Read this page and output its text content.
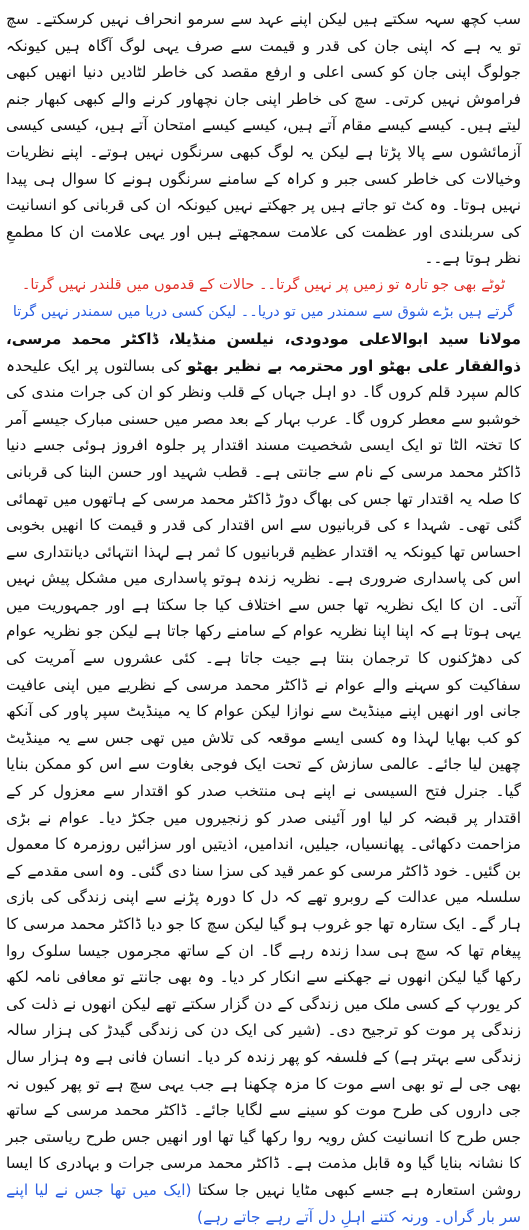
سب کچھ سہہ سکتے ہیں لیکن اپنے عہد سے سرمو انحراف نہیں کرسکتے۔ سچ تو یہ ہے کہ اپنی جان کی قدر و قیمت سے صرف یہی لوگ آگاہ ہیں کیونکہ جولوگ اپنی جان کو کسی اعلی و ارفع مقصد کی خاطر لٹادیں دنیا انھیں کبھی فراموش نہیں کرتی۔ سچ کی خاطر اپنی جان نچھاور کرنے والے کبھی کبھار جنم لیتے ہیں۔ کیسے کیسے مقام آتے ہیں، کیسے کیسے امتحان آتے ہیں، کیسی کیسی آزمائشوں سے پالا پڑتا ہے لیکن یہ لوگ کبھی سرنگوں نہیں ہوتے۔ اپنے نظریات وخیالات کی خاطر کسی جبر و کراہ کے سامنے سرنگوں ہونے کا سوال ہی پیدا نہیں ہوتا۔ وہ کٹ تو جاتے ہیں پر جھکتے نہیں کیونکہ ان کی قربانی کو انسانیت کی سربلندی اور عظمت کی علامت سمجھتے ہیں اور یہی علامت ان کا مطمعِ نظر ہوتا ہے۔۔

ٹوٹے بھی جو تارہ تو زمیں پر نہیں گرتا۔۔ حالات کے قدموں میں قلندر نہیں گرتا۔
گرتے ہیں بڑے شوق سے سمندر میں تو دریا۔۔ لیکن کسی دریا میں سمندر نہیں گرتا

مولانا سید ابوالاعلی مودودی، نیلسن منڈیلا، ڈاکٹر محمد مرسی، ذوالفقار علی بھٹو اور محترمہ بے نظیر بھٹو کی بسالتوں پر ایک علیحدہ کالم سپرد قلم کروں گا۔ دو اہل جہاں کے قلب ونظر کو ان کی جرات مندی کی خوشبو سے معطر کروں گا۔ عرب بہار کے بعد مصر میں حسنی مبارک جیسے آمر کا تختہ الٹا تو ایک ایسی شخصیت مسند اقتدار پر جلوہ افروز ہوئی جسے دنیا ڈاکٹر محمد مرسی کے نام سے جانتی ہے۔ قطب شہید اور حسن البنا کی قربانی کا صلہ یہ اقتدار تھا جس کی بھاگ دوڑ ڈاکٹر محمد مرسی کے ہاتھوں میں تھمائی گئی تھی۔ شہدا ء کی قربانیوں سے اس اقتدار کی قدر و قیمت کا انھیں بخوبی احساس تھا کیونکہ یہ اقتدار عظیم قربانیوں کا ثمر ہے لہذا انتہائی دیانتداری سے اس کی پاسداری ضروری ہے۔ نظریہ زندہ ہوتو پاسداری میں مشکل پیش نہیں آتی۔ ان کا ایک نظریہ تھا جس سے اختلاف کیا جا سکتا ہے اور جمہوریت میں یہی ہوتا ہے کہ اپنا اپنا نظریہ عوام کے سامنے رکھا جاتا ہے لیکن جو نظریہ عوام کی دھڑکنوں کا ترجمان بنتا ہے جیت جاتا ہے۔ کئی عشروں سے آمریت کی سفاکیت کو سہنے والے عوام نے ڈاکٹر محمد مرسی کے نظریے میں اپنی عافیت جانی اور انھیں اپنے مینڈیٹ سے نوازا لیکن عوام کا یہ مینڈیٹ سپر پاور کی آنکھ کو کب بھایا لہذا وہ کسی ایسے موقعہ کی تلاش میں تھی جس سے یہ مینڈیٹ چھین لیا جائے۔ عالمی سازش کے تحت ایک فوجی بغاوت سے اس کو ممکن بنایا گیا۔ جنرل فتح السیسی نے اپنے ہی منتخب صدر کو اقتدار سے معزول کر کے اقتدار پر قبضہ کر لیا اور آئینی صدر کو زنجیروں میں جکڑ دیا۔ عوام نے بڑی مزاحمت دکھائی۔ پھانسیاں، جیلیں، اندامیں، اذیتیں اور سزائیں روزمرہ کا معمول بن گئیں۔ خود ڈاکٹر مرسی کو عمر قید کی سزا سنا دی گئی۔ وہ اسی مقدمے کے سلسلہ میں عدالت کے روبرو تھے کہ دل کا دورہ پڑنے سے اپنی زندگی کی بازی ہار گے۔ ایک ستارہ تھا جو غروب ہو گیا لیکن سچ کا جو دیا ڈاکٹر محمد مرسی کا پیغام تھا کہ سچ ہی سدا زندہ رہے گا۔ ان کے ساتھ مجرموں جیسا سلوک روا رکھا گیا لیکن انھوں نے جھکنے سے انکار کر دیا۔ وہ بھی جانتے تو معافی نامہ لکھ کر یورپ کے کسی ملک میں زندگی کے دن گزار سکتے تھے لیکن انھوں نے ذلت کی زندگی پر موت کو ترجیح دی۔ (شیر کی ایک دن کی زندگی گیدڑ کی ہزار سالہ زندگی سے بہتر ہے) کے فلسفہ کو پھر زندہ کر دیا۔ انسان فانی ہے وہ ہزار سال بھی جی لے تو بھی اسے موت کا مزہ چکھنا ہے جب یہی سچ ہے تو پھر کیوں نہ جی داروں کی طرح موت کو سینے سے لگایا جائے۔ ڈاکٹر محمد مرسی کے ساتھ جس طرح کا انسانیت کش رویہ روا رکھا گیا تھا اور انھیں جس طرح ریاستی جبر کا نشانہ بنایا گیا وہ قابل مذمت ہے۔ ڈاکٹر محمد مرسی جرات و بہادری کا ایسا روشن استعارہ ہے جسے کبھی مٹایا نہیں جا سکتا (ایک میں تھا جس نے لیا اپنے سر بار گراں۔ ورنہ کتنے اہلِ دل آتے رہے جاتے رہے)
